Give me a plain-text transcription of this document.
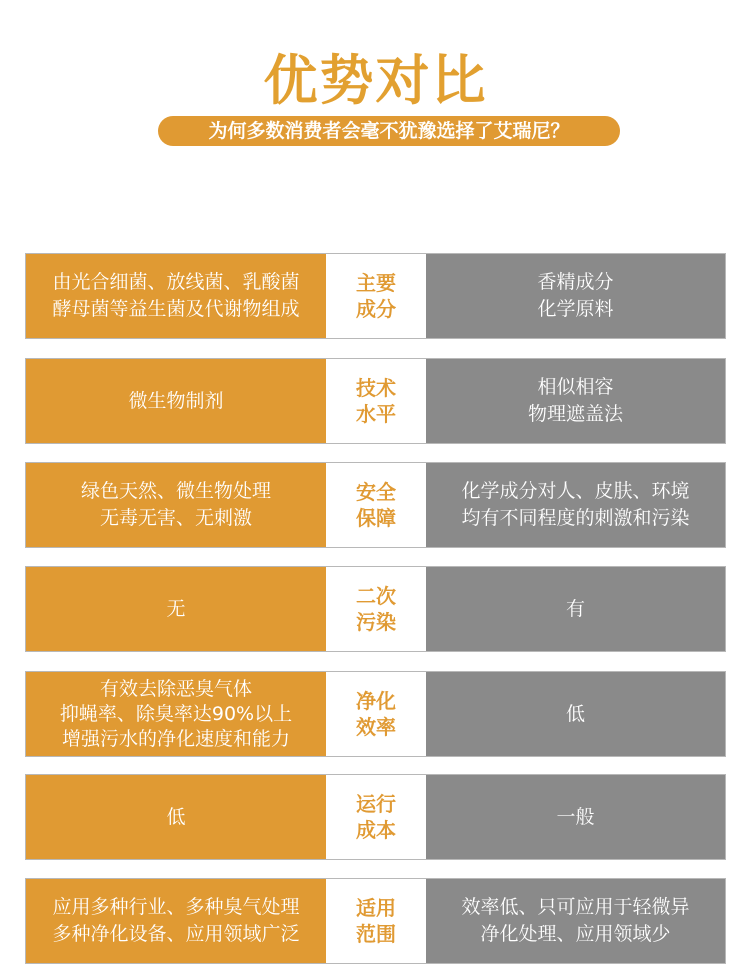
优势对比
为何多数消费者会毫不犹豫选择了艾瑞尼？
由光合细菌、放线菌、乳酸菌
酵母菌等益生菌及代谢物组成
主要
成分
香精成分
化学原料
微生物制剂
技术
水平
相似相容
物理遮盖法
绿色天然、微生物处理
无毒无害、无刺激
安全
保障
化学成分对人、皮肤、环境
均有不同程度的刺激和污染
无
二次
污染
有
有效去除恶臭气体
抑蝇率、除臭率达90%以上
增强污水的净化速度和能力
净化
效率
低
低
运行
成本
一般
应用多种行业、多种臭气处理
多种净化设备、应用领域广泛
适用
范围
效率低、只可应用于轻微异
净化处理、应用领域少
